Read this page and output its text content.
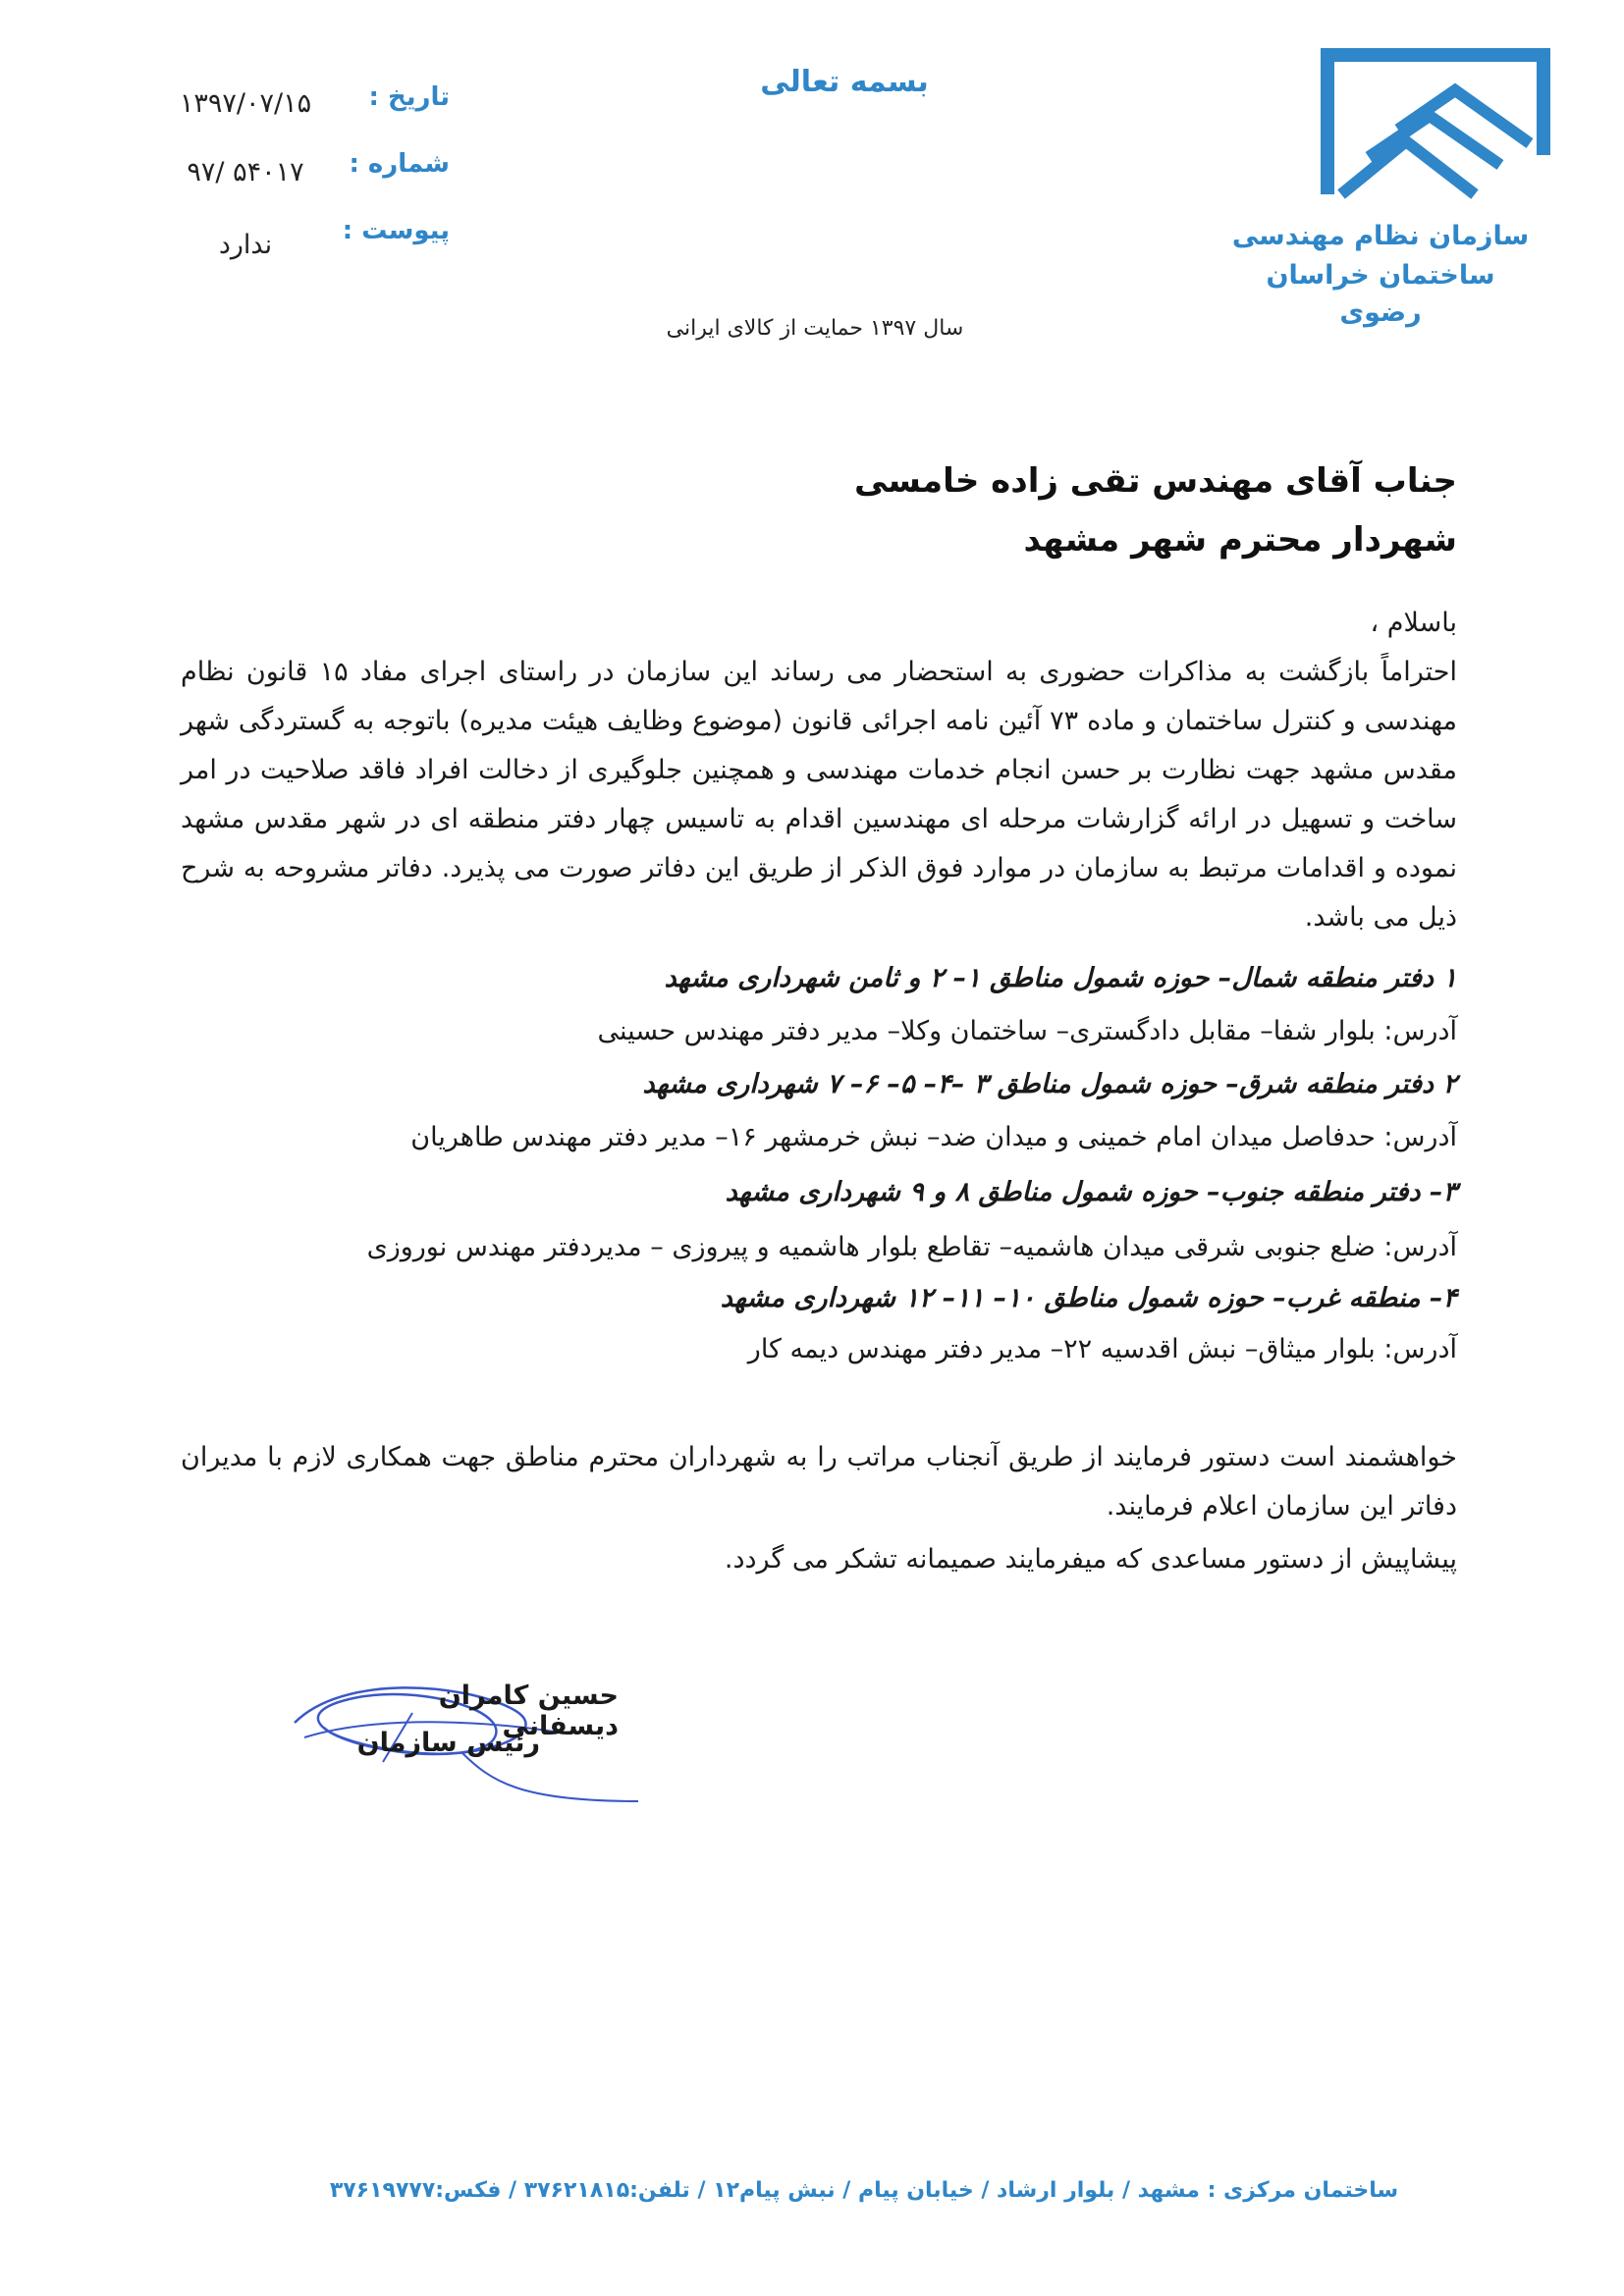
سازمان نظام مهندسی
ساختمان خراسان رضوی
بسمه تعالی
تاریخ :
۱۳۹۷/۰۷/۱۵
شماره :
۹۷/ ۵۴۰۱۷
پیوست :
ندارد
سال ۱۳۹۷ حمایت از کالای ایرانی
جناب آقای مهندس تقی زاده خامسی
شهردار محترم شهر مشهد
باسلام ،
احتراماً بازگشت به مذاکرات حضوری به استحضار می رساند این سازمان در راستای اجرای مفاد ۱۵ قانون نظام مهندسی و کنترل ساختمان و ماده ۷۳ آئین نامه اجرائی قانون (موضوع وظایف هیئت مدیره) باتوجه به گستردگی شهر مقدس مشهد جهت نظارت بر حسن انجام خدمات مهندسی و همچنین جلوگیری از دخالت افراد فاقد صلاحیت در امر ساخت و تسهیل در ارائه گزارشات مرحله ای مهندسین اقدام به تاسیس چهار دفتر منطقه ای در شهر مقدس مشهد نموده و اقدامات مرتبط به سازمان در موارد فوق الذکر از طریق این دفاتر صورت می پذیرد. دفاتر مشروحه به شرح ذیل می باشد.
۱ دفتر منطقه شمال– حوزه شمول مناطق ۱– ۲ و ثامن شهرداری مشهد
آدرس: بلوار شفا– مقابل دادگستری– ساختمان وکلا– مدیر دفتر مهندس حسینی
۲ دفتر منطقه شرق– حوزه شمول مناطق ۳ –۴– ۵– ۶– ۷ شهرداری مشهد
آدرس: حدفاصل میدان امام خمینی و میدان ضد– نبش خرمشهر ۱۶– مدیر دفتر مهندس طاهریان
۳– دفتر منطقه جنوب– حوزه شمول مناطق ۸ و ۹ شهرداری مشهد
آدرس: ضلع جنوبی شرقی میدان هاشمیه– تقاطع بلوار هاشمیه و پیروزی – مدیردفتر مهندس نوروزی
۴– منطقه غرب– حوزه شمول مناطق ۱۰– ۱۱– ۱۲ شهرداری مشهد
آدرس: بلوار میثاق– نبش اقدسیه ۲۲– مدیر دفتر مهندس دیمه کار
خواهشمند است دستور فرمایند از طریق آنجناب مراتب را به شهرداران محترم مناطق جهت همکاری لازم با مدیران دفاتر این سازمان اعلام فرمایند.
پیشاپیش از دستور مساعدی که میفرمایند صمیمانه تشکر می گردد.
حسین کامران دیسفانی
رئیس سازمان
ساختمان مرکزی : مشهد / بلوار ارشاد / خیابان پیام / نبش پیام۱۲ / تلفن:۳۷۶۲۱۸۱۵ / فکس:۳۷۶۱۹۷۷۷
